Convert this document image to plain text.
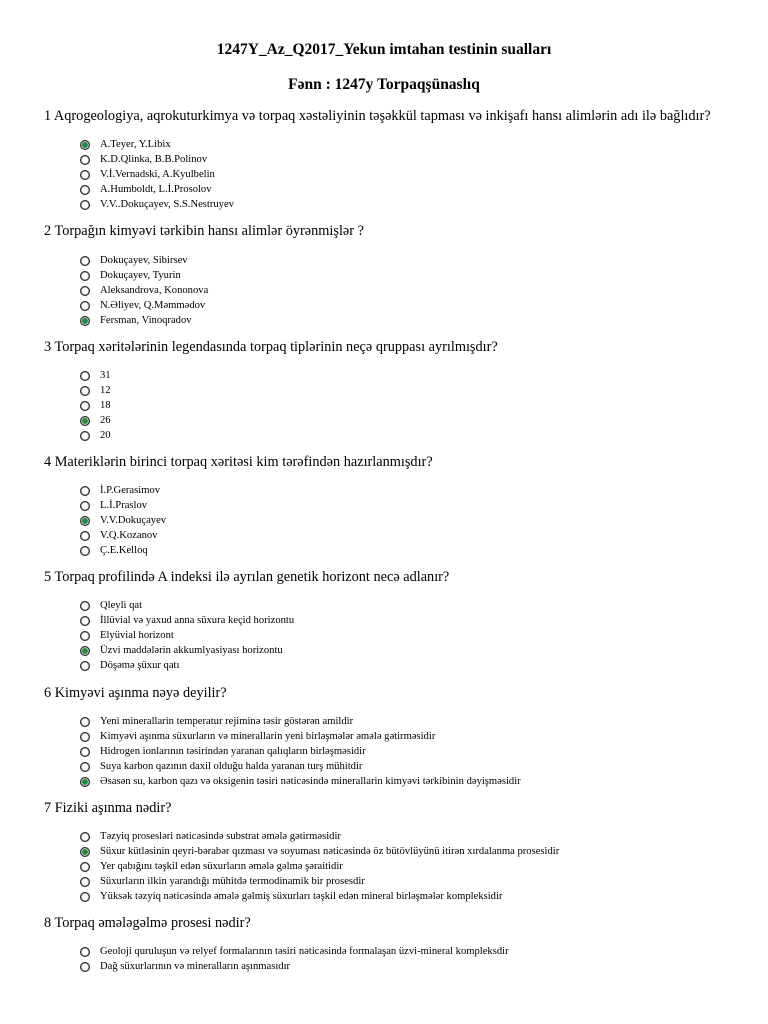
1247Y_Az_Q2017_Yekun imtahan testinin sualları
Fənn : 1247y Torpaqşünaslıq
1 Aqrogeologiya, aqrokuturkimya və torpaq xəstəliyinin təşəkkül tapması və inkişafı hansı alimlərin adı ilə bağlıdır?
A.Teyer, Y.Libix
K.D.Qlinka, B.B.Polinov
V.İ.Vernadski, A.Kyulbelin
A.Humboldt, L.İ.Prosolov
V.V..Dokuçayev, S.S.Nestruyev
2 Torpağın kimyəvi tərkibin hansı alimlər öyrənmişlər ?
Dokuçayev, Sibirsev
Dokuçayev, Tyurin
Aleksandrova, Kononova
N.Əliyev, Q.Məmmədov
Fersman, Vinoqradov
3 Torpaq xəritələrinin legendasında torpaq tiplərinin neçə qruppası ayrılmışdır?
31
12
18
26
20
4 Materiklərin birinci torpaq xəritəsi kim tərəfindən hazırlanmışdır?
İ.P.Gerasimov
L.İ.Praslov
V.V.Dokuçayev
V.Q.Kozanov
Ç.E.Kelloq
5 Torpaq profilində A indeksi ilə ayrılan genetik horizont necə adlanır?
Qleyli qat
İllüvial və yaxud anna süxura keçid horizontu
Elyüvial horizont
Üzvi maddələrin akkumlyasiyası horizontu
Döşəmə şüxur qatı
6 Kimyəvi aşınma nəyə deyilir?
Yeni minerallarin temperatur rejiminə təsir göstərən amildir
Kimyəvi aşınma süxurların və minerallarin yeni birləşmələr əmələ gətirməsidir
Hidrogen ionlarının təsirindən yaranan qalıqların birləşməsidir
Suya karbon qazının daxil olduğu halda yaranan turş mühitdir
Əsasən su, karbon qazı və oksigenin təsiri nəticəsində minerallarin kimyəvi tərkibinin dəyişməsidir
7 Fiziki aşınma nədir?
Təzyiq prosesləri nəticəsində substrat əmələ gətirməsidir
Süxur kütləsinin qeyri-bərabər qızması və soyuması nəticəsində öz bütövlüyünü itirən xırdalanma prosesidir
Yer qabığını təşkil edən süxurların əmələ gəlmə şəraitidir
Süxurların ilkin yarandığı mühitdə termodinamik bir prosesdir
Yüksək təzyiq nəticəsində əmələ gəlmiş süxurları təşkil edən mineral birləşmələr kompleksidir
8 Torpaq əmələgəlmə prosesi nədir?
Geoloji quruluşun və relyef formalarının təsiri nəticəsində formalaşan üzvi-mineral kompleksdir
Dağ süxurlarının və mineralların aşınmasıdır
